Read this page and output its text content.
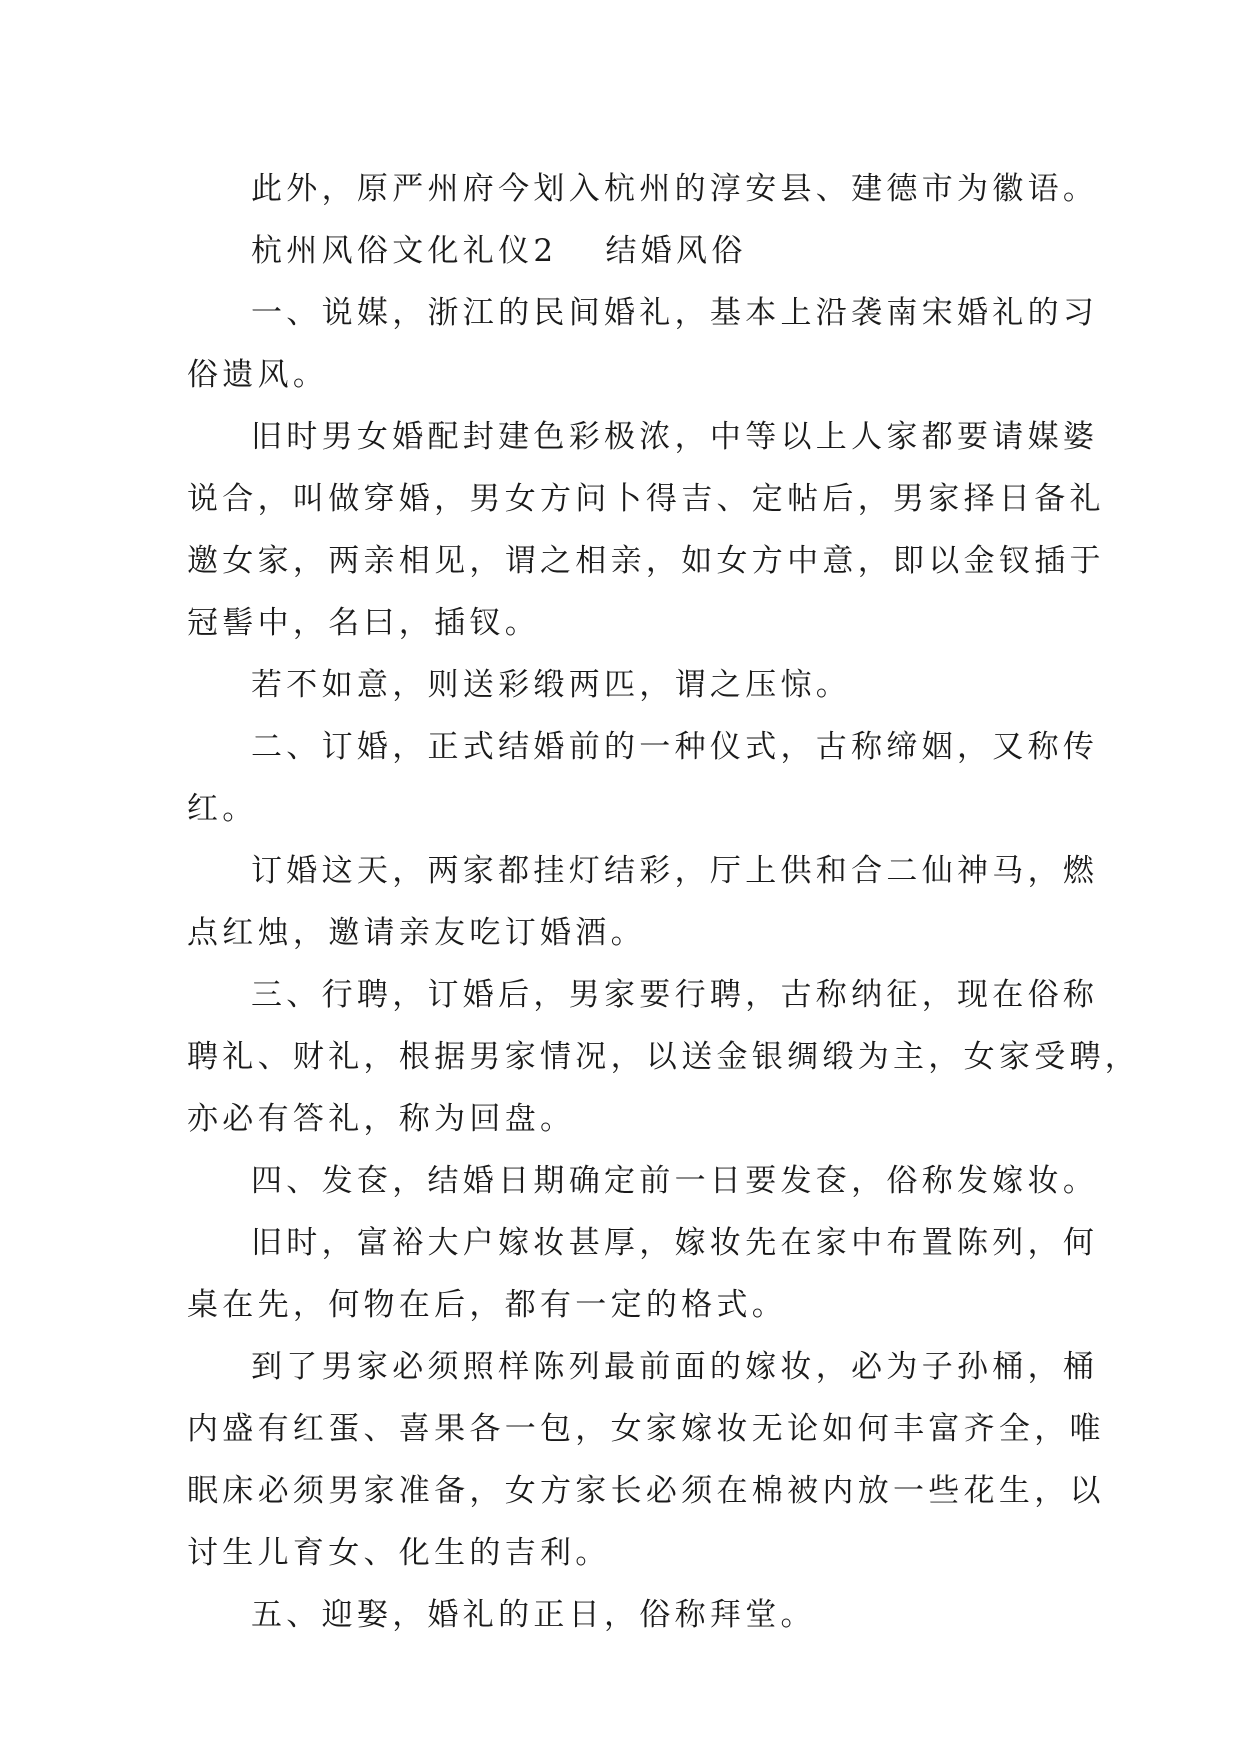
此外，原严州府今划入杭州的淳安县、建德市为徽语。
杭州风俗文化礼仪2 结婚风俗
一、说媒，浙江的民间婚礼，基本上沿袭南宋婚礼的习
俗遗风。
旧时男女婚配封建色彩极浓，中等以上人家都要请媒婆
说合，叫做穿婚，男女方问卜得吉、定帖后，男家择日备礼
邀女家，两亲相见，谓之相亲，如女方中意，即以金钗插于
冠髻中，名曰，插钗。
若不如意，则送彩缎两匹，谓之压惊。
二、订婚，正式结婚前的一种仪式，古称缔姻，又称传
红。
订婚这天，两家都挂灯结彩，厅上供和合二仙神马，燃
点红烛，邀请亲友吃订婚酒。
三、行聘，订婚后，男家要行聘，古称纳征，现在俗称
聘礼、财礼，根据男家情况，以送金银绸缎为主，女家受聘，
亦必有答礼，称为回盘。
四、发奁，结婚日期确定前一日要发奁，俗称发嫁妆。
旧时，富裕大户嫁妆甚厚，嫁妆先在家中布置陈列，何
桌在先，何物在后，都有一定的格式。
到了男家必须照样陈列最前面的嫁妆，必为子孙桶，桶
内盛有红蛋、喜果各一包，女家嫁妆无论如何丰富齐全，唯
眠床必须男家准备，女方家长必须在棉被内放一些花生，以
讨生儿育女、化生的吉利。
五、迎娶，婚礼的正日，俗称拜堂。
